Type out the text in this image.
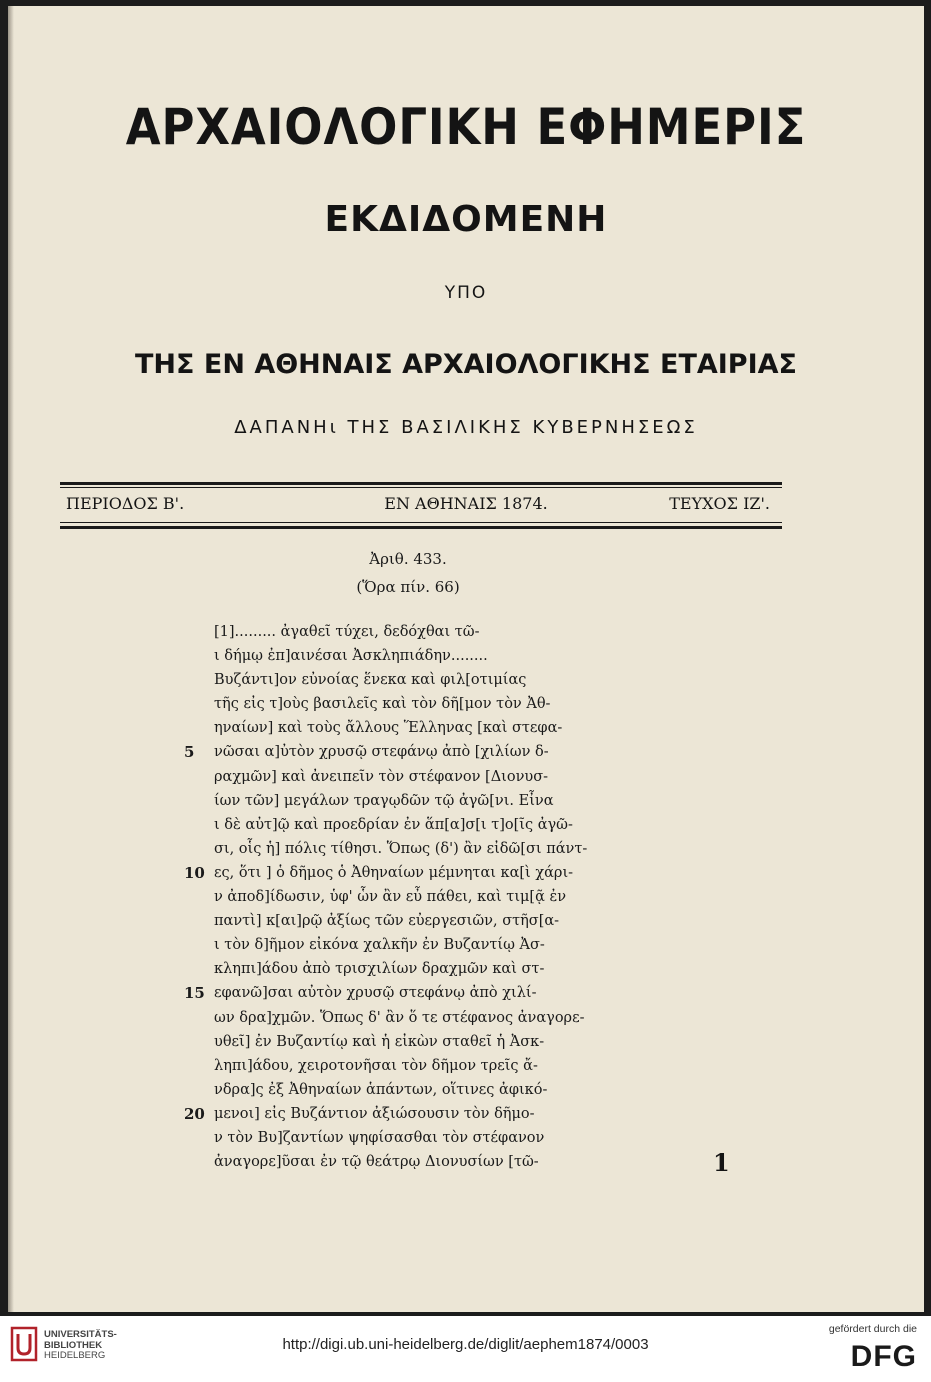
ΑΡΧΑΙΟΛΟΓΙΚΗ ΕΦΗΜΕΡΙΣ
ΕΚΔΙΔΟΜΕΝΗ
ΥΠΟ
ΤΗΣ ΕΝ ΑΘΗΝΑΙΣ ΑΡΧΑΙΟΛΟΓΙΚΗΣ ΕΤΑΙΡΙΑΣ
ΔΑΠΑΝΗι ΤΗΣ ΒΑΣΙΛΙΚΗΣ ΚΥΒΕΡΝΗΣΕΩΣ
ΠΕΡΙΟΔΟΣ Β'.	ΕΝ ΑΘΗΝΑΙΣ 1874.	ΤΕΥΧΟΣ ΙΖ'.
Ἀριθ. 433.
(Ὅρα πίν. 66)
[1]......... ἀγαθεῖ τύχει, δεδόχθαι τῶ-
ι δήμῳ ἐπ]αινέσαι Ἀσκληπιάδην........
Βυζάντι]ον εὐνοίας ἕνεκα καὶ φιλ[οτιμίας
τῆς εἰς τ]οὺς βασιλεῖς καὶ τὸν δῆ[μον τὸν Ἀθ-
ηναίων] καὶ τοὺς ἄλλους Ἕλληνας [καὶ στεφα-
5	νῶσαι α]ὐτὸν χρυσῷ στεφάνῳ ἀπὸ [χιλίων δ-
ραχμῶν] καὶ ἀνειπεῖν τὸν στέφανον [Διονυσ-
ίων τῶν] μεγάλων τραγῳδῶν τῷ ἀγῶ[νι. Εἶνα
ι δὲ αὐτ]ῷ καὶ προεδρίαν ἐν ἅπ[α]σ[ι τ]ο[ῖς ἀγῶ-
σι, οἷς ἡ] πόλις τίθησι. Ὅπως (δ') ἂν εἰδῶ[σι πάντ-
10 ες, ὅτι ] ὁ δῆμος ὁ Ἀθηναίων μέμνηται κα[ὶ χάρι-
ν ἀποδ]ίδωσιν, ὑφ' ὧν ἂν εὖ πάθει, καὶ τιμ[ᾷ ἐν
παντὶ] κ[αι]ρῷ ἀξίως τῶν εὐεργεσιῶν, στῆσ[α-
ι τὸν δ]ῆμον εἰκόνα χαλκῆν ἐν Βυζαντίῳ Ἀσ-
κληπι]άδου ἀπὸ τρισχιλίων δραχμῶν καὶ στ-
15 εφανῶ]σαι αὐτὸν χρυσῷ στεφάνῳ ἀπὸ χιλί-
ων δρα]χμῶν. Ὅπως δ' ἂν ὅ τε στέφανος ἀναγορε-
υθεῖ] ἐν Βυζαντίῳ καὶ ἡ εἰκὼν σταθεῖ ἡ Ἀσκ-
ληπι]άδου, χειροτονῆσαι τὸν δῆμον τρεῖς ἄ-
νδρα]ς ἐξ Ἀθηναίων ἁπάντων, οἵτινες ἀφικό-
20 μενοι] εἰς Βυζάντιον ἀξιώσουσιν τὸν δῆμο-
ν τὸν Βυ]ζαντίων ψηφίσασθαι τὸν στέφανον
ἀναγορε]ῦσαι ἐν τῷ θεάτρῳ Διονυσίων [τῶ-	1
UNIVERSITÄTS-
BIBLIOTHEK
HEIDELBERG
http://digi.ub.uni-heidelberg.de/diglit/aephem1874/0003
gefördert durch die
DFG
